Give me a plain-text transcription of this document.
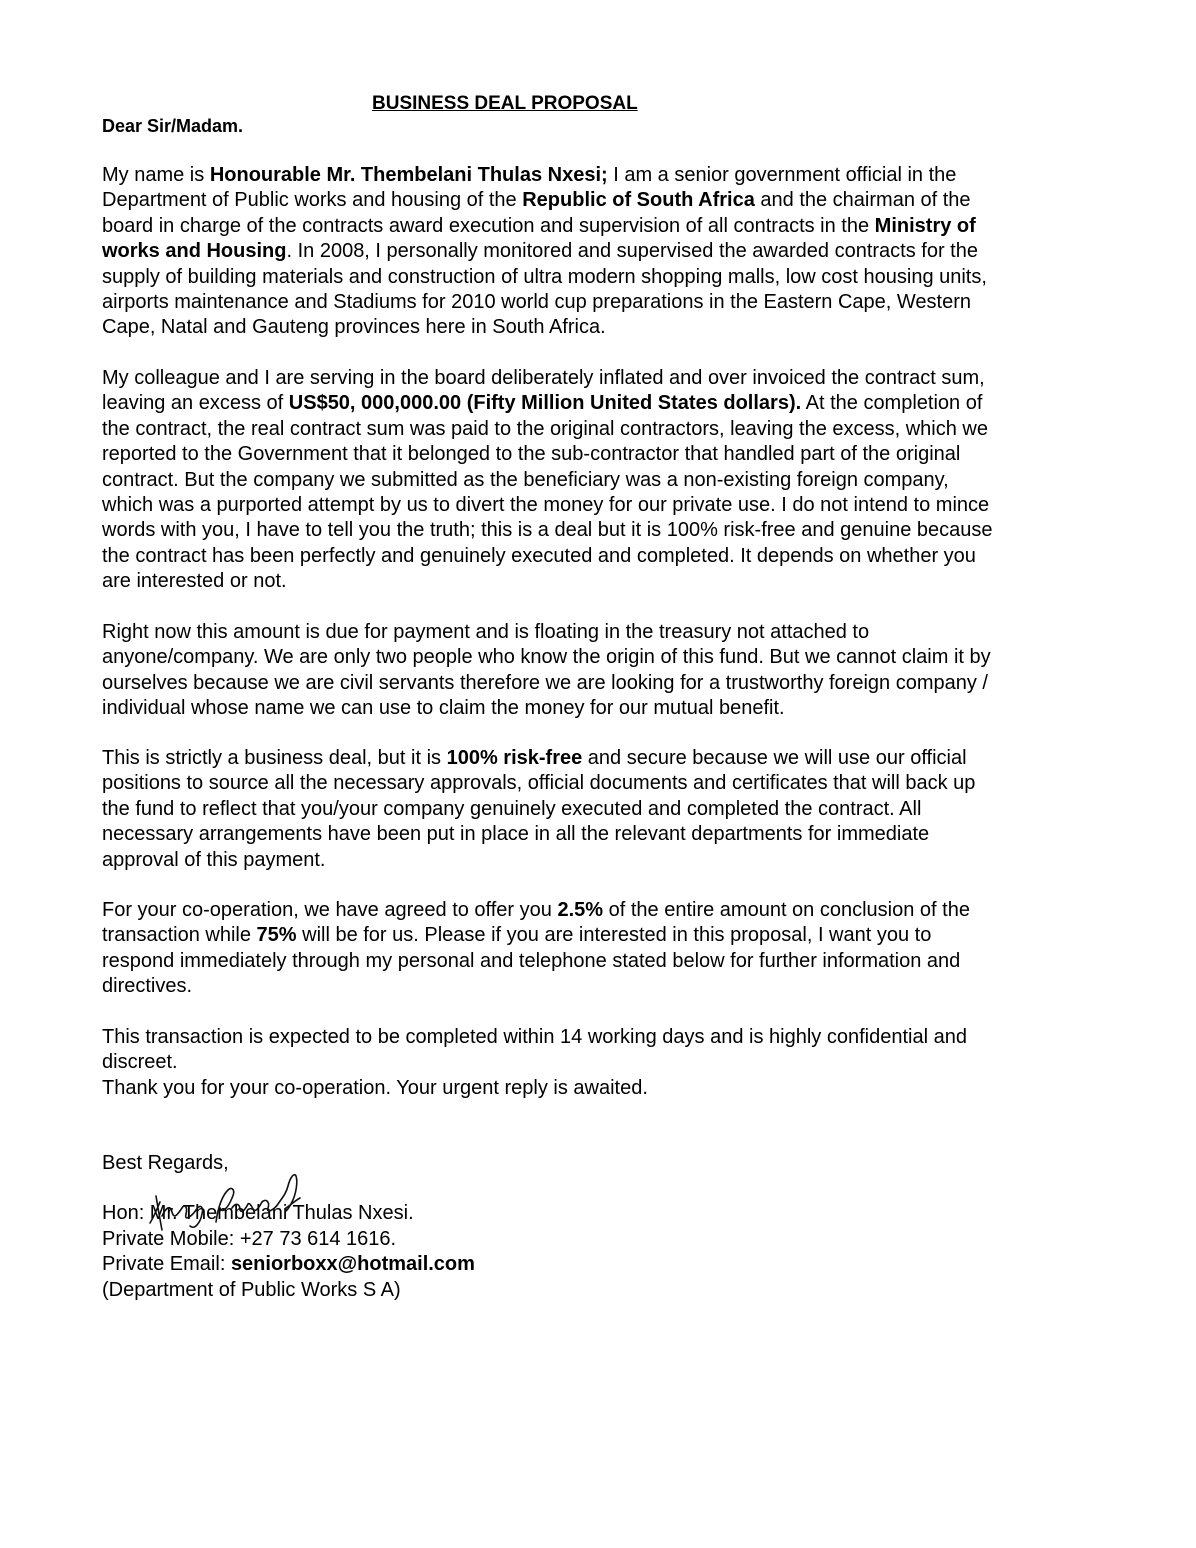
BUSINESS DEAL PROPOSAL

Dear Sir/Madam.

My name is Honourable Mr. Thembelani Thulas Nxesi; I am a senior government official in the
Department of Public works and housing of the Republic of South Africa and the chairman of the
board in charge of the contracts award execution and supervision of all contracts in the Ministry of
works and Housing. In 2008, I personally monitored and supervised the awarded contracts for the
supply of building materials and construction of ultra modern shopping malls, low cost housing units,
airports maintenance and Stadiums for 2010 world cup preparations in the Eastern Cape, Western
Cape, Natal and Gauteng provinces here in South Africa.
My colleague and I are serving in the board deliberately inflated and over invoiced the contract sum,
leaving an excess of US$50, 000,000.00 (Fifty Million United States dollars). At the completion of
the contract, the real contract sum was paid to the original contractors, leaving the excess, which we
reported to the Government that it belonged to the sub-contractor that handled part of the original
contract. But the company we submitted as the beneficiary was a non-existing foreign company,
which was a purported attempt by us to divert the money for our private use. I do not intend to mince
words with you, I have to tell you the truth; this is a deal but it is 100% risk-free and genuine because
the contract has been perfectly and genuinely executed and completed. It depends on whether you
are interested or not.
Right now this amount is due for payment and is floating in the treasury not attached to
anyone/company. We are only two people who know the origin of this fund. But we cannot claim it by
ourselves because we are civil servants therefore we are looking for a trustworthy foreign company /
individual whose name we can use to claim the money for our mutual benefit.
This is strictly a business deal, but it is 100% risk-free and secure because we will use our official
positions to source all the necessary approvals, official documents and certificates that will back up
the fund to reflect that you/your company genuinely executed and completed the contract. All
necessary arrangements have been put in place in all the relevant departments for immediate
approval of this payment.
For your co-operation, we have agreed to offer you 2.5% of the entire amount on conclusion of the
transaction while 75% will be for us. Please if you are interested in this proposal, I want you to
respond immediately through my personal and telephone stated below for further information and
directives.
This transaction is expected to be completed within 14 working days and is highly confidential and
discreet.
Thank you for your co-operation. Your urgent reply is awaited.
Best Regards,
Hon: Mr. Thembelani Thulas Nxesi.
Private Mobile: +27 73 614 1616.
Private Email: seniorboxx@hotmail.com
(Department of Public Works S A)
